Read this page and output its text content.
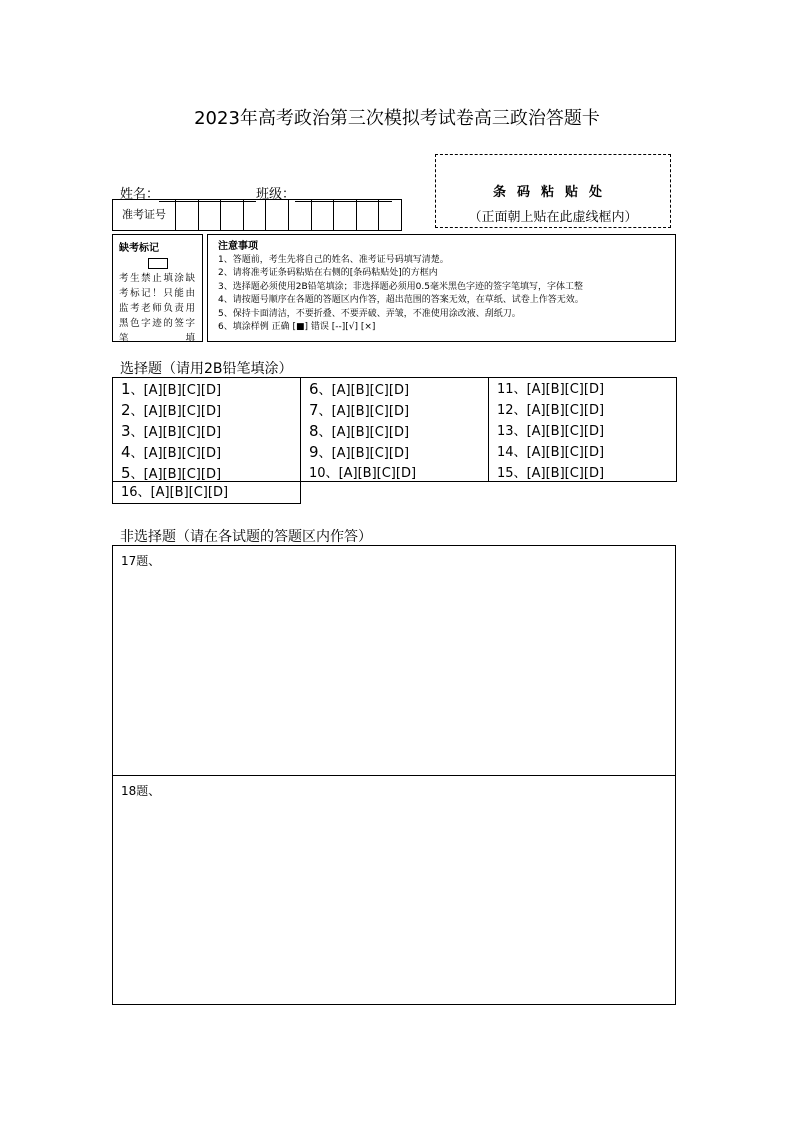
2023年高考政治第三次模拟考试卷高三政治答题卡
姓名：	班级：	条码粘贴处
（正面朝上贴在此虚线框内）
准考证号
缺考标记
考生禁止填涂缺考标记！只能由监考老师负责用黑色字迹的签字笔填
注意事项
1、答题前，考生先将自己的姓名、准考证号码填写清楚。
2、请将准考证条码粘贴在右侧的[条码粘贴处]的方框内
3、选择题必须使用2B铅笔填涂；非选择题必须用0.5毫米黑色字迹的签字笔填写，字体工整
4、请按题号顺序在各题的答题区内作答，超出范围的答案无效，在草纸、试卷上作答无效。
5、保持卡面清洁，不要折叠、不要弄破、弄皱，不准使用涂改液、刮纸刀。
6、填涂样例 正确 [■] 错误 [--][√] [×]
选择题（请用2B铅笔填涂）
1、[A][B][C][D]
2、[A][B][C][D]
3、[A][B][C][D]
4、[A][B][C][D]
5、[A][B][C][D]
6、[A][B][C][D]
7、[A][B][C][D]
8、[A][B][C][D]
9、[A][B][C][D]
10、[A][B][C][D]
11、[A][B][C][D]
12、[A][B][C][D]
13、[A][B][C][D]
14、[A][B][C][D]
15、[A][B][C][D]
16、[A][B][C][D]
非选择题（请在各试题的答题区内作答）
17题、
18题、
